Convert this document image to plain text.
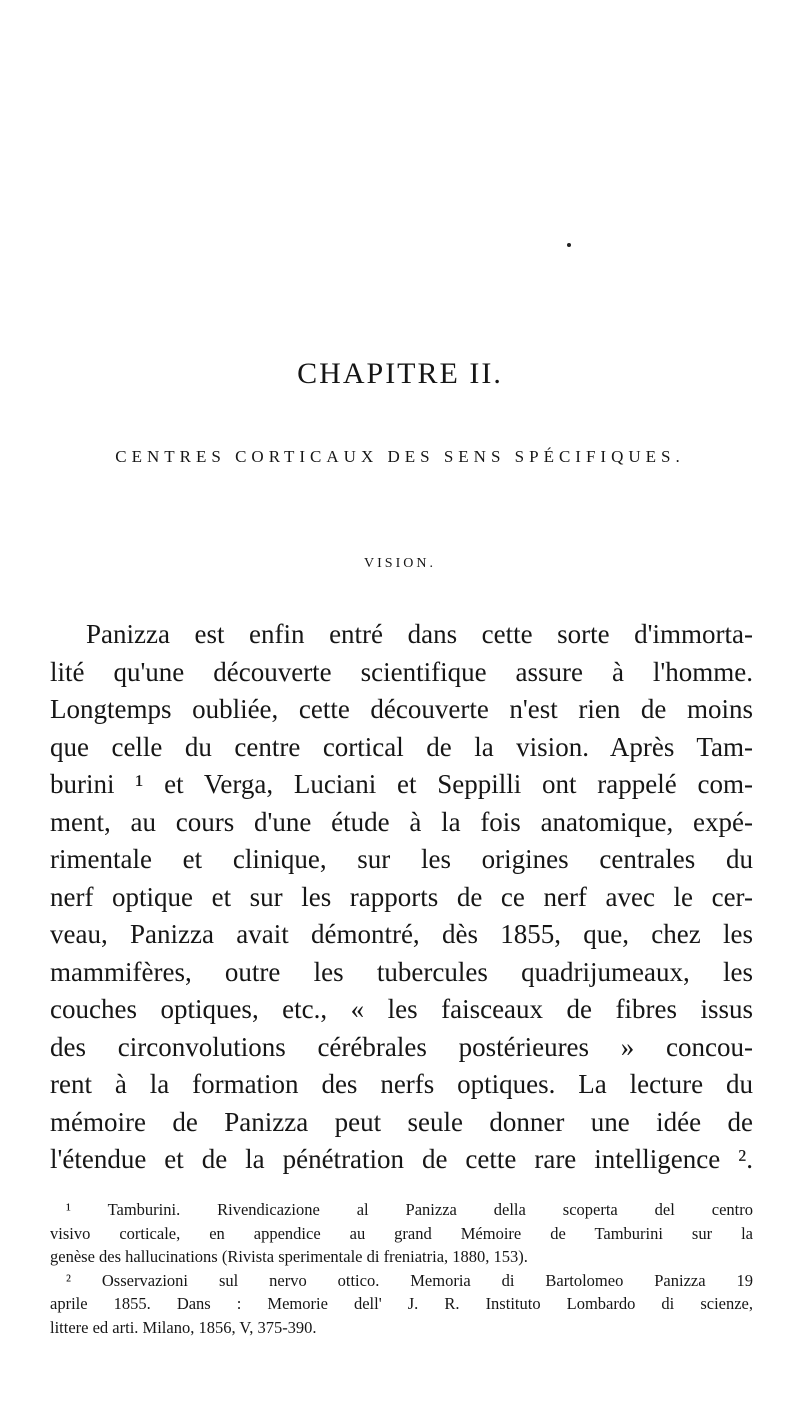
CHAPITRE II.
CENTRES CORTICAUX DES SENS SPÉCIFIQUES.
VISION.
Panizza est enfin entré dans cette sorte d'immorta-
lité qu'une découverte scientifique assure à l'homme.
Longtemps oubliée, cette découverte n'est rien de moins
que celle du centre cortical de la vision. Après Tam-
burini ¹ et Verga, Luciani et Seppilli ont rappelé com-
ment, au cours d'une étude à la fois anatomique, expé-
rimentale et clinique, sur les origines centrales du
nerf optique et sur les rapports de ce nerf avec le cer-
veau, Panizza avait démontré, dès 1855, que, chez les
mammifères, outre les tubercules quadrijumeaux, les
couches optiques, etc., « les faisceaux de fibres issus
des circonvolutions cérébrales postérieures » concou-
rent à la formation des nerfs optiques. La lecture du
mémoire de Panizza peut seule donner une idée de
l'étendue et de la pénétration de cette rare intelligence ².
¹ Tamburini. Rivendicazione al Panizza della scoperta del centro
visivo corticale, en appendice au grand Mémoire de Tamburini sur la
genèse des hallucinations (Rivista sperimentale di freniatria, 1880, 153).
² Osservazioni sul nervo ottico. Memoria di Bartolomeo Panizza 19
aprile 1855. Dans : Memorie dell' J. R. Instituto Lombardo di scienze,
littere ed arti. Milano, 1856, V, 375-390.
